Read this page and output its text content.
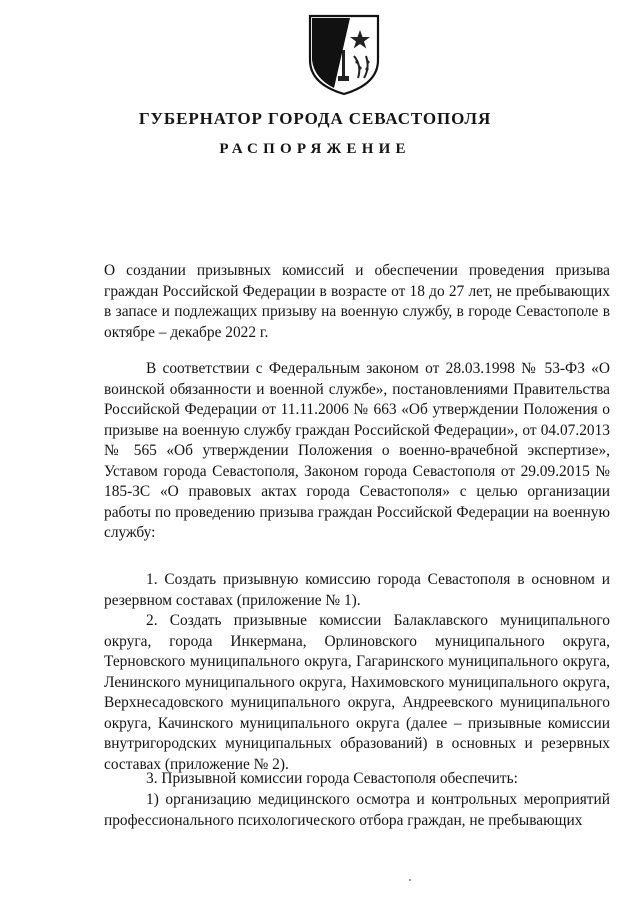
ГУБЕРНАТОР ГОРОДА СЕВАСТОПОЛЯ
РАСПОРЯЖЕНИЕ

О создании призывных комиссий и обеспечении проведения призыва граждан Российской Федерации в возрасте от 18 до 27 лет, не пребывающих в запасе и подлежащих призыву на военную службу, в городе Севастополе в октябре – декабре 2022 г.

В соответствии с Федеральным законом от 28.03.1998 № 53-ФЗ «О воинской обязанности и военной службе», постановлениями Правительства Российской Федерации от 11.11.2006 № 663 «Об утверждении Положения о призыве на военную службу граждан Российской Федерации», от 04.07.2013 № 565 «Об утверждении Положения о военно-врачебной экспертизе», Уставом города Севастополя, Законом города Севастополя от 29.09.2015 № 185-ЗС «О правовых актах города Севастополя» с целью организации работы по проведению призыва граждан Российской Федерации на военную службу:

1. Создать призывную комиссию города Севастополя в основном и резервном составах (приложение № 1).

2. Создать призывные комиссии Балаклавского муниципального округа, города Инкермана, Орлиновского муниципального округа, Терновского муниципального округа, Гагаринского муниципального округа, Ленинского муниципального округа, Нахимовского муниципального округа, Верхнесадовского муниципального округа, Андреевского муниципального округа, Качинского муниципального округа (далее – призывные комиссии внутригородских муниципальных образований) в основных и резервных составах (приложение № 2).

3. Призывной комиссии города Севастополя обеспечить:

1) организацию медицинского осмотра и контрольных мероприятий профессионального психологического отбора граждан, не пребывающих
